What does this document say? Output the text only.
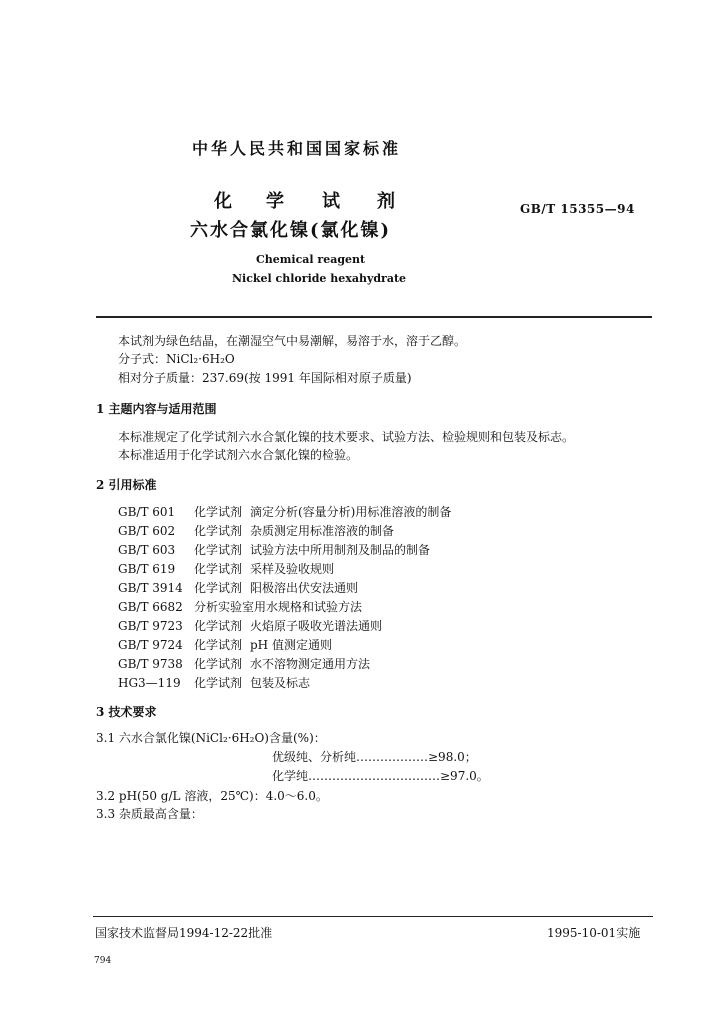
中华人民共和国国家标准
化 学 试 剂
六水合氯化镍(氯化镍)
GB/T 15355—94
Chemical reagent
Nickel chloride hexahydrate
本试剂为绿色结晶，在潮湿空气中易潮解，易溶于水，溶于乙醇。
分子式：NiCl₂·6H₂O
相对分子质量：237.69(按 1991 年国际相对原子质量)
1 主题内容与适用范围
本标准规定了化学试剂六水合氯化镍的技术要求、试验方法、检验规则和包装及标志。
本标准适用于化学试剂六水合氯化镍的检验。
2 引用标准
GB/T 601 化学试剂 滴定分析(容量分析)用标准溶液的制备
GB/T 602 化学试剂 杂质测定用标准溶液的制备
GB/T 603 化学试剂 试验方法中所用制剂及制品的制备
GB/T 619 化学试剂 采样及验收规则
GB/T 3914 化学试剂 阳极溶出伏安法通则
GB/T 6682 分析实验室用水规格和试验方法
GB/T 9723 化学试剂 火焰原子吸收光谱法通则
GB/T 9724 化学试剂 pH 值测定通则
GB/T 9738 化学试剂 水不溶物测定通用方法
HG3—119 化学试剂 包装及标志
3 技术要求
3.1 六水合氯化镍(NiCl₂·6H₂O)含量(%)：
优级纯、分析纯………………≥98.0；
化学纯……………………………≥97.0。
3.2 pH(50 g/L 溶液，25℃)：4.0～6.0。
3.3 杂质最高含量：
国家技术监督局1994-12-22批准	1995-10-01实施
794
